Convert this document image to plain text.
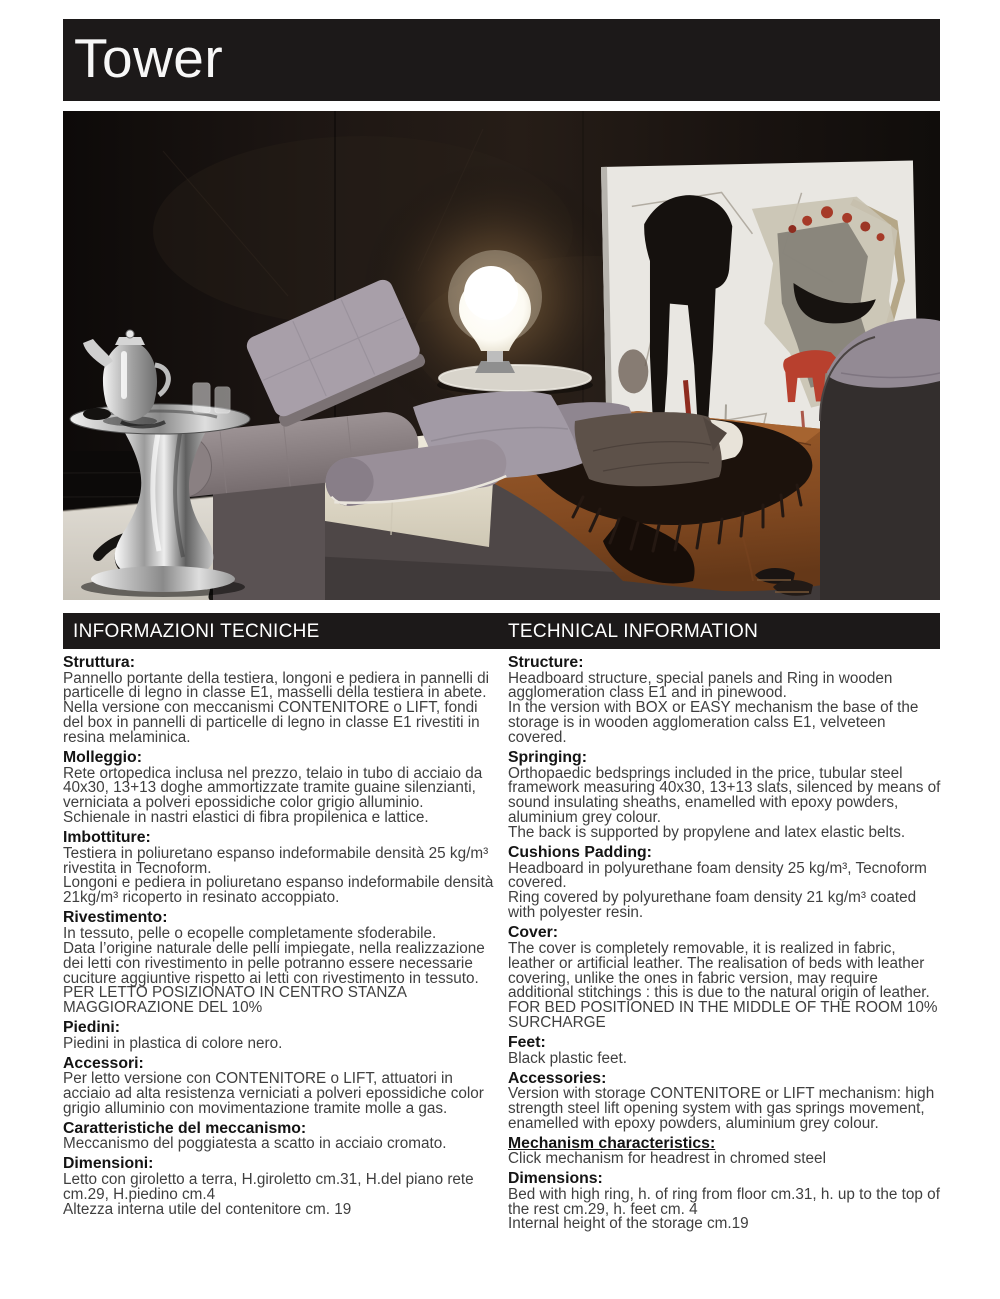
Tower
INFORMAZIONI TECNICHE	TECHNICAL INFORMATION
Struttura:

Pannello portante della testiera, longoni e pediera in pannelli di particelle di legno in classe E1, masselli della testiera in abete.

Nella versione con meccanismi CONTENITORE o LIFT, fondi del box in pannelli di particelle di legno in classe E1 rivestiti in resina melaminica.

Molleggio:

Rete ortopedica inclusa nel prezzo, telaio in tubo di acciaio da 40x30, 13+13 doghe ammortizzate tramite guaine silenzianti, verniciata a polveri epossidiche color grigio alluminio.

Schienale in nastri elastici di fibra propilenica e lattice.

Imbottiture:

Testiera in poliuretano espanso indeformabile densità 25 kg/m³ rivestita in Tecnoform.

Longoni e pediera in poliuretano espanso indeformabile densità 21kg/m³ ricoperto in resinato accoppiato.

Rivestimento:

In tessuto, pelle o ecopelle completamente sfoderabile.

Data l’origine naturale delle pelli impiegate, nella realizzazione dei letti con rivestimento in pelle potranno essere necessarie cuciture aggiuntive rispetto ai letti con rivestimento in tessuto.

PER LETTO POSIZIONATO IN CENTRO STANZA MAGGIORAZIONE DEL 10%

Piedini:

Piedini in plastica di colore nero.

Accessori:

Per letto versione con CONTENITORE o LIFT, attuatori in acciaio ad alta resistenza verniciati a polveri epossidiche color grigio alluminio con movimentazione tramite molle a gas.

Caratteristiche del meccanismo:

Meccanismo del poggiatesta a scatto in acciaio cromato.

Dimensioni:

Letto con giroletto a terra, H.giroletto cm.31, H.del piano rete cm.29, H.piedino cm.4

Altezza interna utile del contenitore cm. 19

Structure:

Headboard structure, special panels and Ring in wooden agglomeration class E1 and in pinewood.

In the version with BOX or EASY mechanism the base of the storage is in wooden agglomeration calss E1, velveteen covered.

Springing:

Orthopaedic bedsprings included in the price, tubular steel framework measuring 40x30, 13+13 slats, silenced by means of sound insulating sheaths, enamelled with epoxy powders, aluminium grey colour.

The back is supported by propylene and latex elastic belts.

Cushions Padding:

Headboard in polyurethane foam density 25 kg/m³, Tecnoform covered.

Ring covered by polyurethane foam density 21 kg/m³ coated with polyester resin.

Cover:

The cover is completely removable, it is realized in fabric, leather or artificial leather. The realisation of beds with leather covering, unlike the ones in fabric version, may require additional stitchings : this is due to the natural origin of leather.

FOR BED POSITIONED IN THE MIDDLE OF THE ROOM 10% SURCHARGE

Feet:

Black plastic feet.

Accessories:

Version with storage CONTENITORE or LIFT mechanism: high strength steel lift opening system with gas springs movement, enamelled with epoxy powders, aluminium grey colour.

Mechanism characteristics:

Click mechanism for headrest in chromed steel

Dimensions:

Bed with high ring, h. of ring from floor cm.31, h. up to the top of the rest cm.29, h. feet cm. 4

Internal height of the storage cm.19
